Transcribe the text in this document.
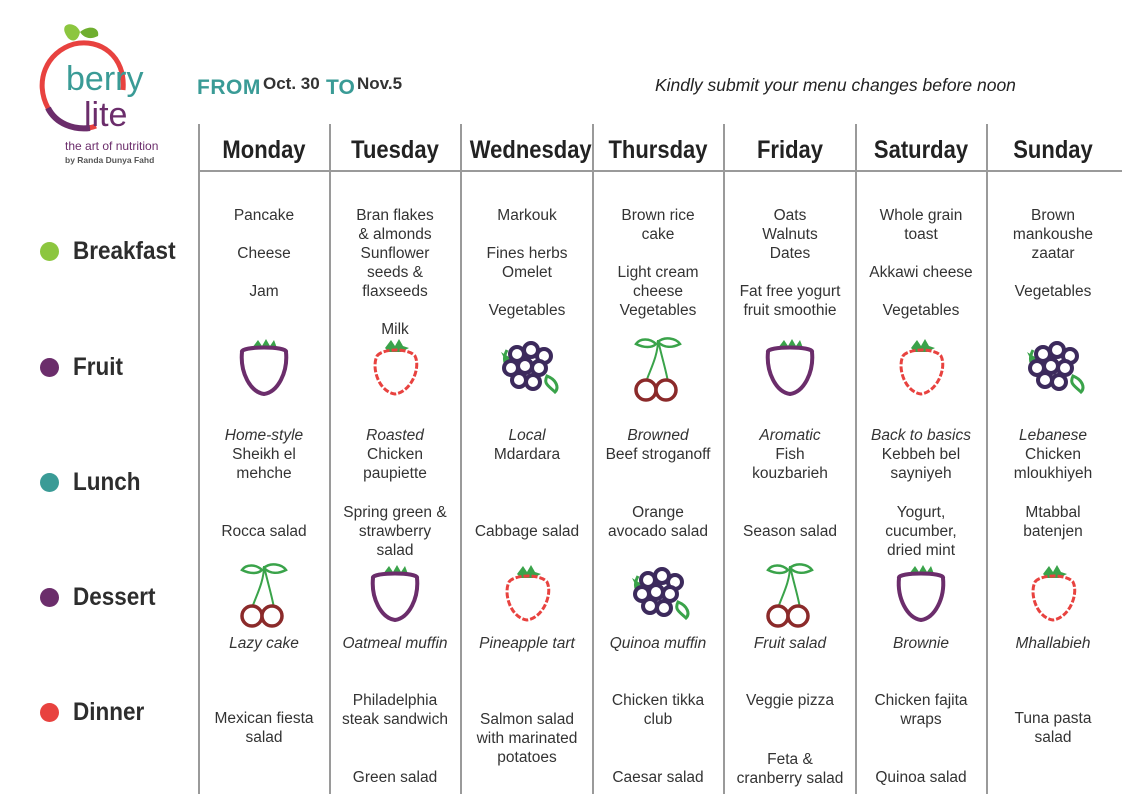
berry
lite
the art of nutrition
by Randa Dunya Fahd
FROM Oct. 30 TO Nov.5	Kindly submit your menu changes before noon
Breakfast
Fruit
Lunch
Dessert
Dinner
Monday
Pancake
Cheese
Jam
Home-style
Sheikh el
mehche
Rocca salad
Lazy cake
Mexican fiesta
salad
Tuesday
Bran flakes
& almonds
Sunflower
seeds &
flaxseeds
Milk
Roasted
Chicken
paupiette
Spring green &
strawberry
salad
Oatmeal muffin
Philadelphia
steak sandwich
Green salad
Wednesday
Markouk
Fines herbs
Omelet
Vegetables
Local
Mdardara
Cabbage salad
Pineapple tart
Salmon salad
with marinated
potatoes
Thursday
Brown rice
cake
Light cream
cheese
Vegetables
Browned
Beef stroganoff
Orange
avocado salad
Quinoa muffin
Chicken tikka
club
Caesar salad
Friday
Oats
Walnuts
Dates
Fat free yogurt
fruit smoothie
Aromatic
Fish
kouzbarieh
Season salad
Fruit salad
Veggie pizza
Feta &
cranberry salad
Saturday
Whole grain
toast
Akkawi cheese
Vegetables
Back to basics
Kebbeh bel
sayniyeh
Yogurt,
cucumber,
dried mint
Brownie
Chicken fajita
wraps
Quinoa salad
Sunday
Brown
mankoushe
zaatar
Vegetables
Lebanese
Chicken
mloukhiyeh
Mtabbal
batenjen
Mhallabieh
Tuna pasta
salad
